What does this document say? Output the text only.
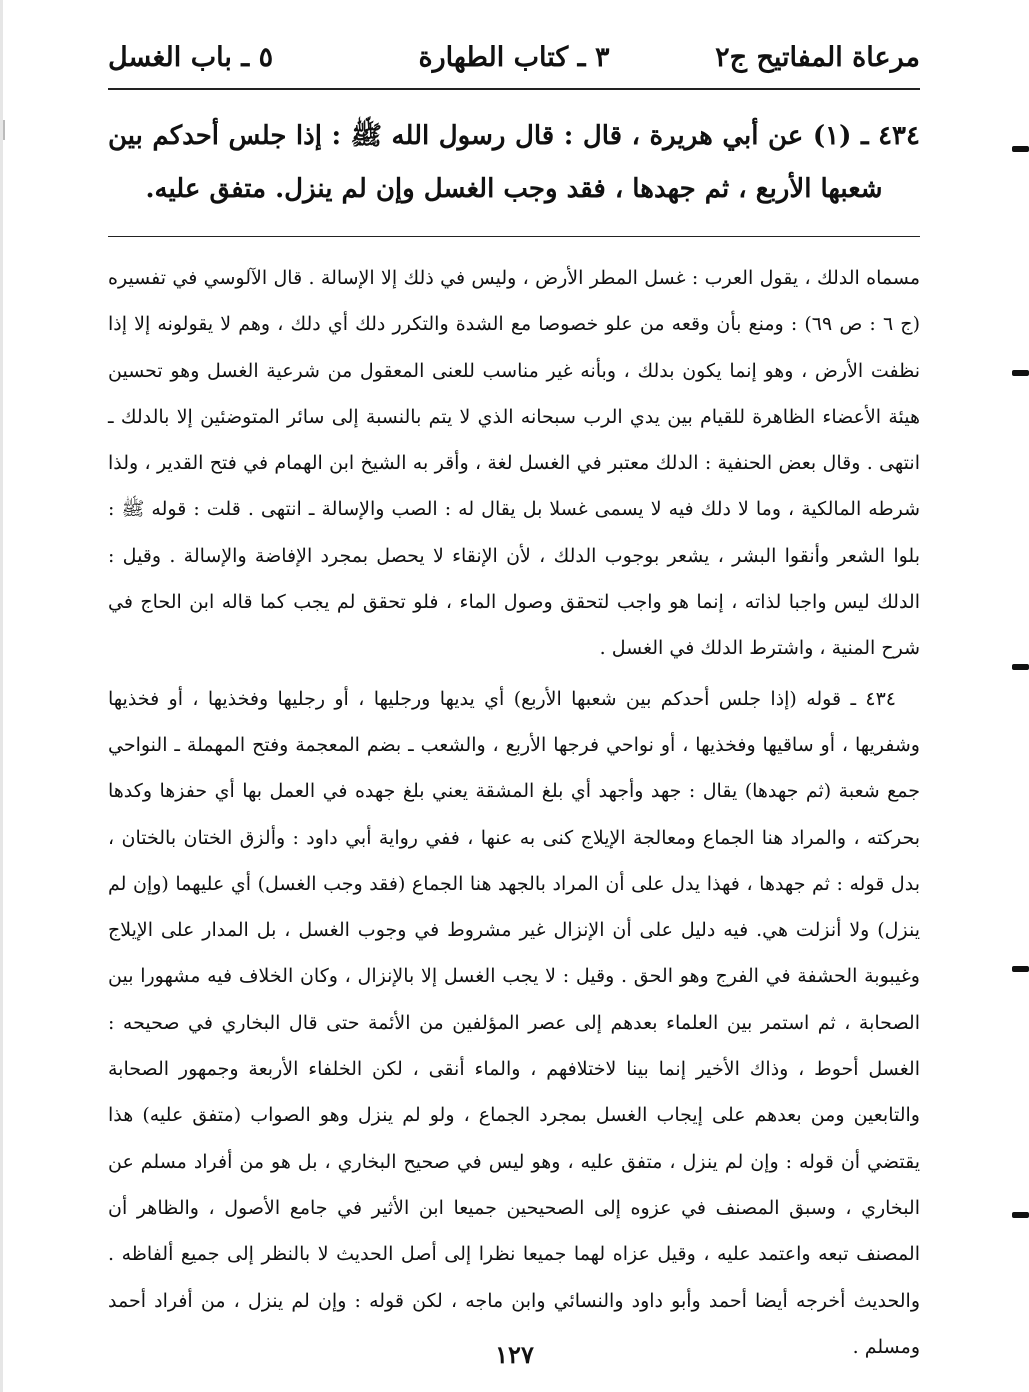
مرعاة المفاتيح ج٢
٣ ـ كتاب الطهارة
٥ ـ باب الغسل
٤٣٤ ـ (١) عن أبي هريرة ، قال : قال رسول الله ﷺ : إذا جلس أحدكم بين شعبها الأربع ، ثم جهدها ، فقد وجب الغسل وإن لم ينزل. متفق عليه.

مسماه الدلك ، يقول العرب : غسل المطر الأرض ، وليس في ذلك إلا الإسالة . قال الآلوسي في تفسيره (ج ٦ : ص ٦٩) : ومنع بأن وقعه من علو خصوصا مع الشدة والتكرر دلك أي دلك ، وهم لا يقولونه إلا إذا نظفت الأرض ، وهو إنما يكون بدلك ، وبأنه غير مناسب للعنى المعقول من شرعية الغسل وهو تحسين هيئة الأعضاء الظاهرة للقيام بين يدي الرب سبحانه الذي لا يتم بالنسبة إلى سائر المتوضئين إلا بالدلك ـ انتهى . وقال بعض الحنفية : الدلك معتبر في الغسل لغة ، وأقر به الشيخ ابن الهمام في فتح القدير ، ولذا شرطه المالكية ، وما لا دلك فيه لا يسمى غسلا بل يقال له : الصب والإسالة ـ انتهى . قلت : قوله ﷺ : بلوا الشعر وأنقوا البشر ، يشعر بوجوب الدلك ، لأن الإنقاء لا يحصل بمجرد الإفاضة والإسالة . وقيل : الدلك ليس واجبا لذاته ، إنما هو واجب لتحقق وصول الماء ، فلو تحقق لم يجب كما قاله ابن الحاج في شرح المنية ، واشترط الدلك في الغسل .

٤٣٤ ـ قوله (إذا جلس أحدكم بين شعبها الأربع) أي يديها ورجليها ، أو رجليها وفخذيها ، أو فخذيها وشفريها ، أو ساقيها وفخذيها ، أو نواحي فرجها الأربع ، والشعب ـ بضم المعجمة وفتح المهملة ـ النواحي جمع شعبة (ثم جهدها) يقال : جهد وأجهد أي بلغ المشقة يعني بلغ جهده في العمل بها أي حفزها وكدها بحركته ، والمراد هنا الجماع ومعالجة الإيلاج كنى به عنها ، ففي رواية أبي داود : وألزق الختان بالختان ، بدل قوله : ثم جهدها ، فهذا يدل على أن المراد بالجهد هنا الجماع (فقد وجب الغسل) أي عليهما (وإن لم ينزل) ولا أنزلت هي. فيه دليل على أن الإنزال غير مشروط في وجوب الغسل ، بل المدار على الإيلاج وغيبوبة الحشفة في الفرج وهو الحق . وقيل : لا يجب الغسل إلا بالإنزال ، وكان الخلاف فيه مشهورا بين الصحابة ، ثم استمر بين العلماء بعدهم إلى عصر المؤلفين من الأئمة حتى قال البخاري في صحيحه : الغسل أحوط ، وذاك الأخير إنما بينا لاختلافهم ، والماء أنقى ، لكن الخلفاء الأربعة وجمهور الصحابة والتابعين ومن بعدهم على إيجاب الغسل بمجرد الجماع ، ولو لم ينزل وهو الصواب (متفق عليه) هذا يقتضي أن قوله : وإن لم ينزل ، متفق عليه ، وهو ليس في صحيح البخاري ، بل هو من أفراد مسلم عن البخاري ، وسبق المصنف في عزوه إلى الصحيحين جميعا ابن الأثير في جامع الأصول ، والظاهر أن المصنف تبعه واعتمد عليه ، وقيل عزاه لهما جميعا نظرا إلى أصل الحديث لا بالنظر إلى جميع ألفاظه . والحديث أخرجه أيضا أحمد وأبو داود والنسائي وابن ماجه ، لكن قوله : وإن لم ينزل ، من أفراد أحمد ومسلم .

١٢٧
